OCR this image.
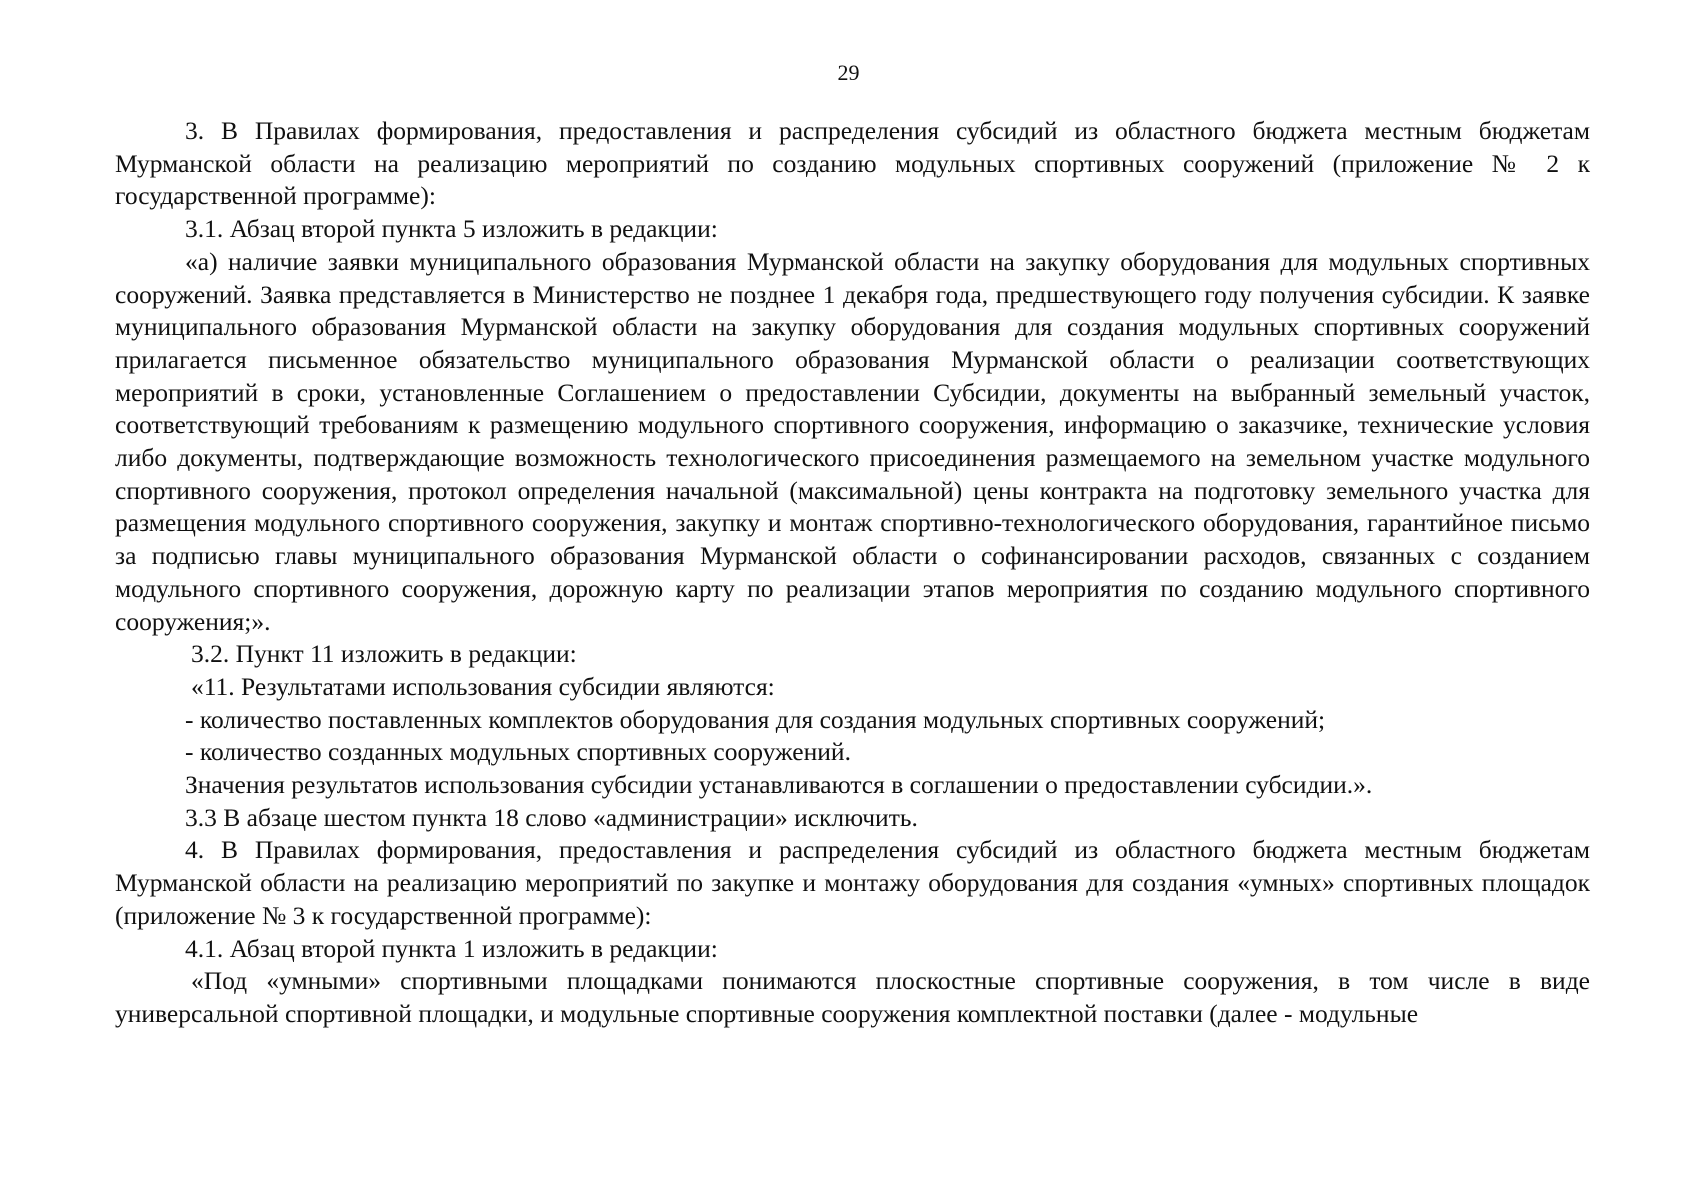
29

3. В Правилах формирования, предоставления и распределения субсидий из областного бюджета местным бюджетам Мурманской области на реализацию мероприятий по созданию модульных спортивных сооружений (приложение № 2 к государственной программе):

3.1. Абзац второй пункта 5 изложить в редакции:

«а) наличие заявки муниципального образования Мурманской области на закупку оборудования для модульных спортивных сооружений. Заявка представляется в Министерство не позднее 1 декабря года, предшествующего году получения субсидии. К заявке муниципального образования Мурманской области на закупку оборудования для создания модульных спортивных сооружений прилагается письменное обязательство муниципального образования Мурманской области о реализации соответствующих мероприятий в сроки, установленные Соглашением о предоставлении Субсидии, документы на выбранный земельный участок, соответствующий требованиям к размещению модульного спортивного сооружения, информацию о заказчике, технические условия либо документы, подтверждающие возможность технологического присоединения размещаемого на земельном участке модульного спортивного сооружения, протокол определения начальной (максимальной) цены контракта на подготовку земельного участка для размещения модульного спортивного сооружения, закупку и монтаж спортивно-технологического оборудования, гарантийное письмо за подписью главы муниципального образования Мурманской области о софинансировании расходов, связанных с созданием модульного спортивного сооружения, дорожную карту по реализации этапов мероприятия по созданию модульного спортивного сооружения;».

3.2. Пункт 11 изложить в редакции:

«11. Результатами использования субсидии являются:

- количество поставленных комплектов оборудования для создания модульных спортивных сооружений;

- количество созданных модульных спортивных сооружений.

Значения результатов использования субсидии устанавливаются в соглашении о предоставлении субсидии.».

3.3 В абзаце шестом пункта 18 слово «администрации» исключить.

4. В Правилах формирования, предоставления и распределения субсидий из областного бюджета местным бюджетам Мурманской области на реализацию мероприятий по закупке и монтажу оборудования для создания «умных» спортивных площадок (приложение № 3 к государственной программе):

4.1. Абзац второй пункта 1 изложить в редакции:

«Под «умными» спортивными площадками понимаются плоскостные спортивные сооружения, в том числе в виде универсальной спортивной площадки, и модульные спортивные сооружения комплектной поставки (далее - модульные
